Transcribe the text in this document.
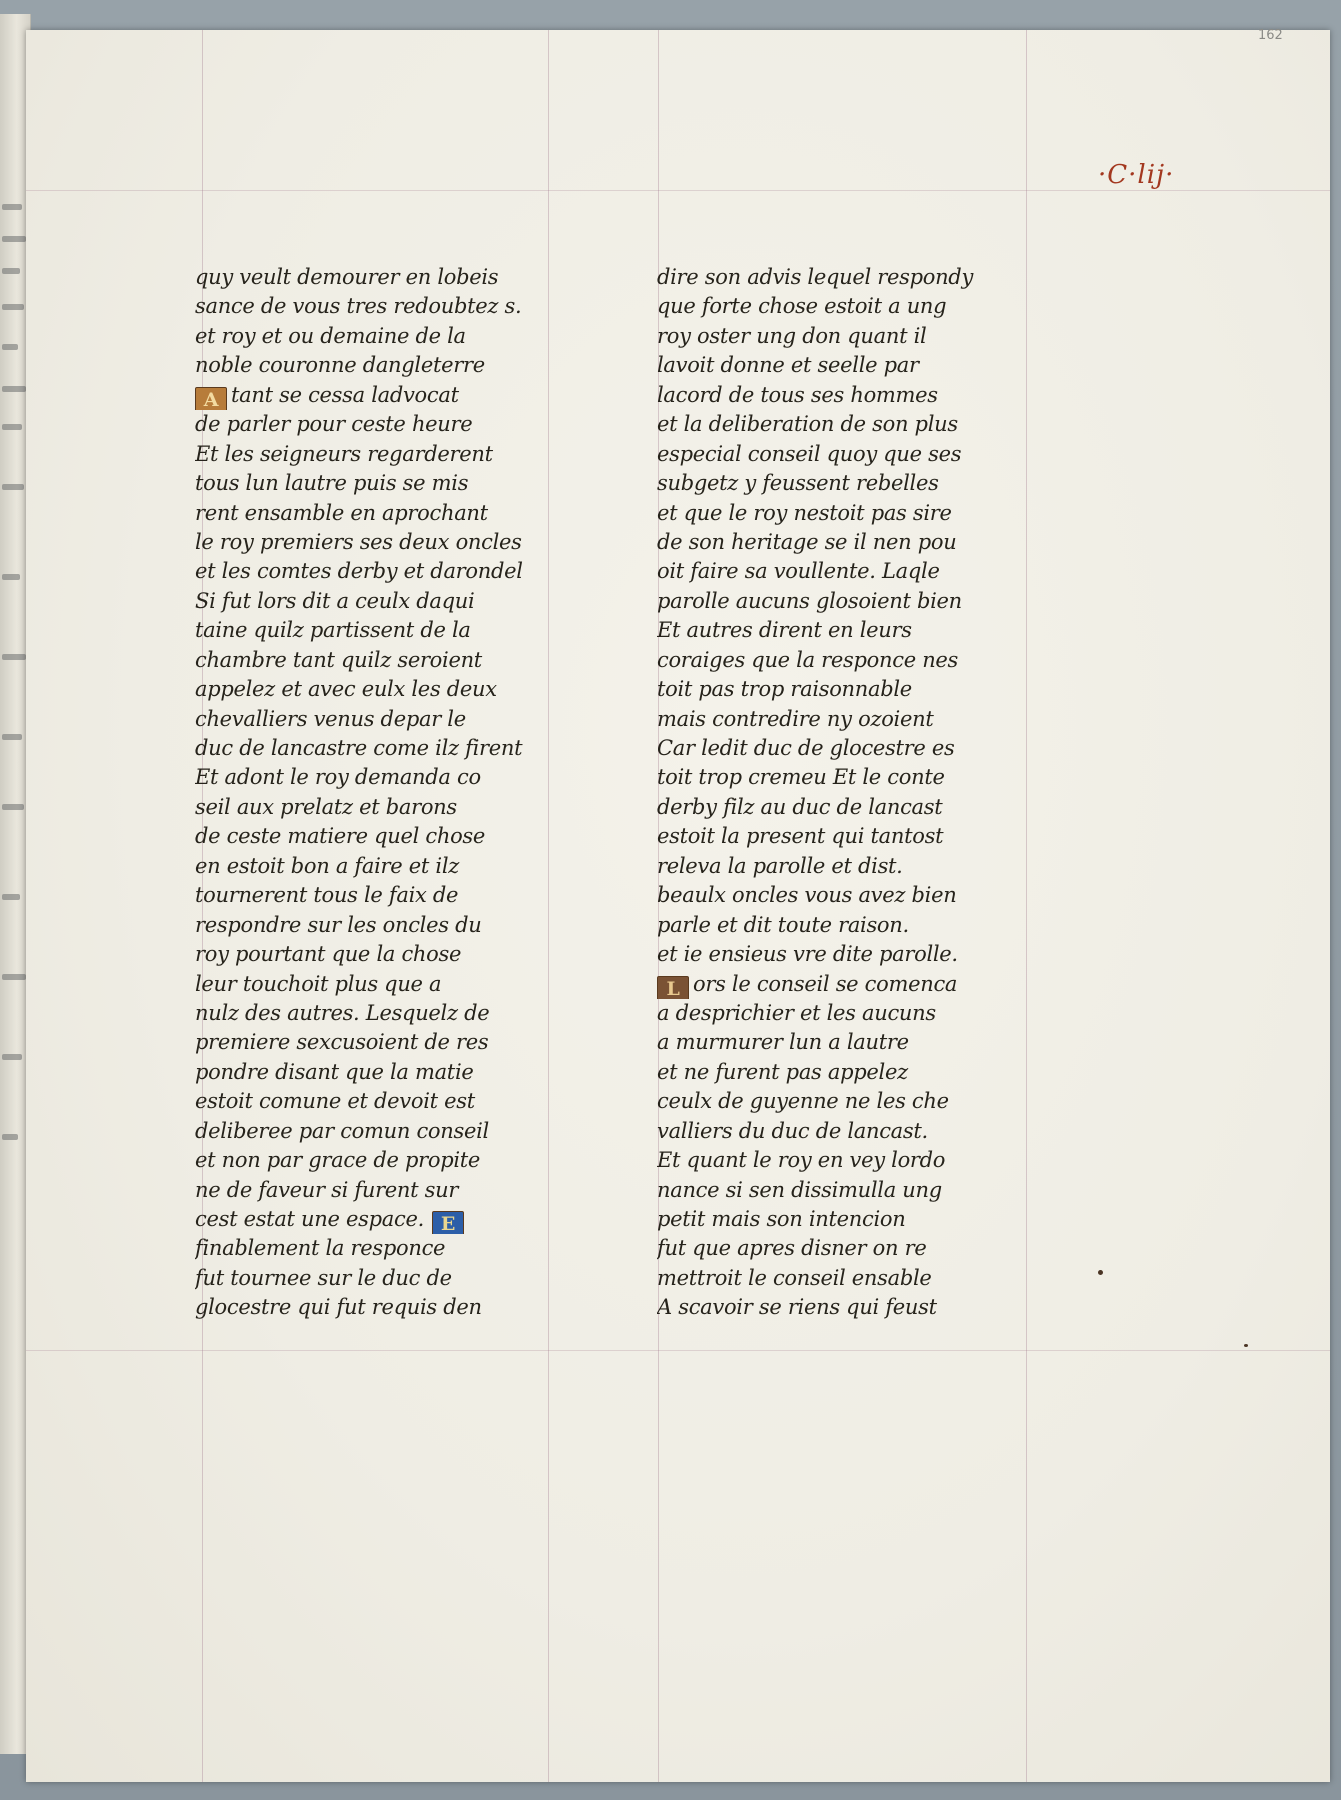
162
·C·lij·
quy veult demourer en lobeis
sance de vous tres redoubtez s.
et roy et ou demaine de la
noble couronne dangleterre
A tant se cessa ladvocat
de parler pour ceste heure
Et les seigneurs regarderent
tous lun lautre puis se mis
rent ensamble en aprochant
le roy premiers ses deux oncles
et les comtes derby et darondel
Si fut lors dit a ceulx daqui
taine quilz partissent de la
chambre tant quilz seroient
appelez et avec eulx les deux
chevalliers venus depar le
duc de lancastre come ilz firent
Et adont le roy demanda co
seil aux prelatz et barons
de ceste matiere quel chose
en estoit bon a faire et ilz
tournerent tous le faix de
respondre sur les oncles du
roy pourtant que la chose
leur touchoit plus que a
nulz des autres. Lesquelz de
premiere sexcusoient de res
pondre disant que la matie
estoit comune et devoit est
deliberee par comun conseil
et non par grace de propite
ne de faveur si furent sur
cest estat une espace. E
finablement la responce
fut tournee sur le duc de
glocestre qui fut requis den
dire son advis lequel respondy
que forte chose estoit a ung
roy oster ung don quant il
lavoit donne et seelle par
lacord de tous ses hommes
et la deliberation de son plus
especial conseil quoy que ses
subgetz y feussent rebelles
et que le roy nestoit pas sire
de son heritage se il nen pou
oit faire sa voullente. Laqle
parolle aucuns glosoient bien
Et autres dirent en leurs
coraiges que la responce nes
toit pas trop raisonnable
mais contredire ny ozoient
Car ledit duc de glocestre es
toit trop cremeu Et le conte
derby filz au duc de lancast
estoit la present qui tantost
releva la parolle et dist.
beaulx oncles vous avez bien
parle et dit toute raison.
et ie ensieus vre dite parolle.
L ors le conseil se comenca
a desprichier et les aucuns
a murmurer lun a lautre
et ne furent pas appelez
ceulx de guyenne ne les che
valliers du duc de lancast.
Et quant le roy en vey lordo
nance si sen dissimulla ung
petit mais son intencion
fut que apres disner on re
mettroit le conseil ensable
A scavoir se riens qui feust
